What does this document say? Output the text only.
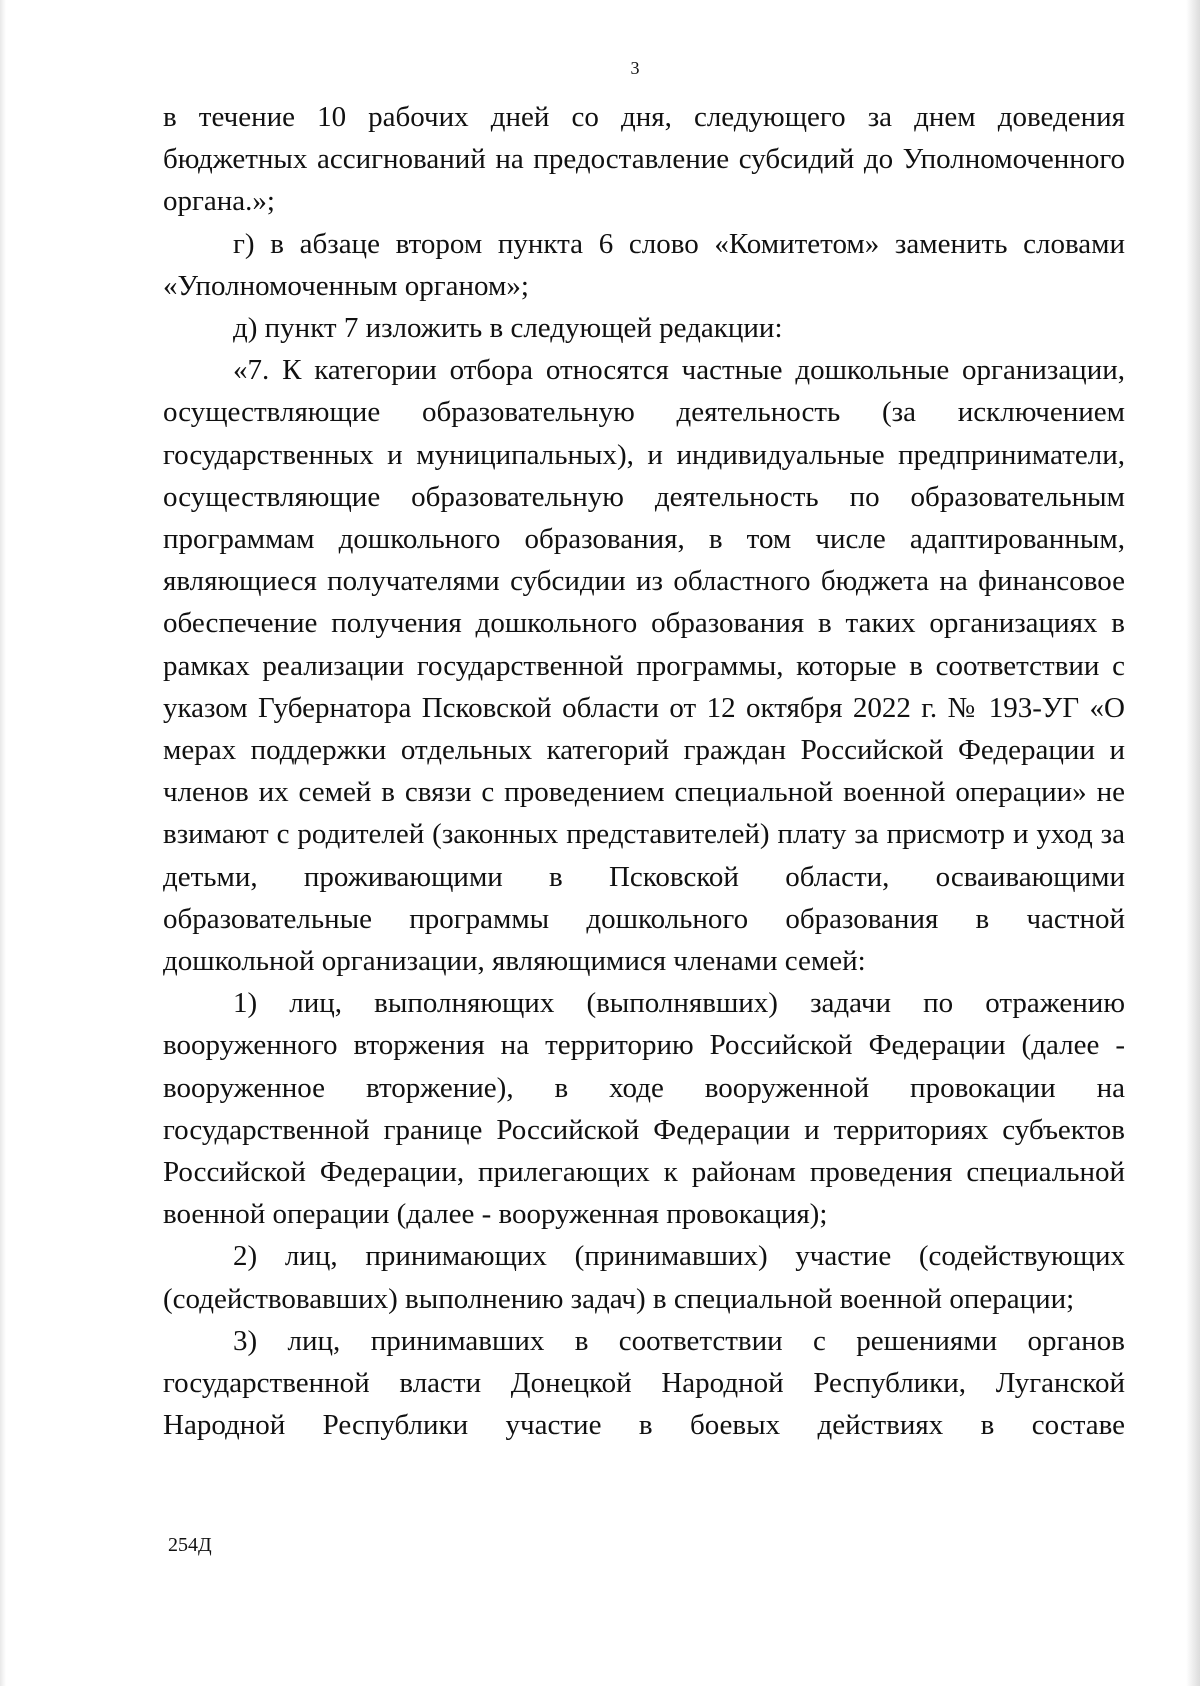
3

в течение 10 рабочих дней со дня, следующего за днем доведения бюджетных ассигнований на предоставление субсидий до Уполномоченного органа.»;

г) в абзаце втором пункта 6 слово «Комитетом» заменить словами «Уполномоченным органом»;

д) пункт 7 изложить в следующей редакции:

«7. К категории отбора относятся частные дошкольные организации, осуществляющие образовательную деятельность (за исключением государственных и муниципальных), и индивидуальные предприниматели, осуществляющие образовательную деятельность по образовательным программам дошкольного образования, в том числе адаптированным, являющиеся получателями субсидии из областного бюджета на финансовое обеспечение получения дошкольного образования в таких организациях в рамках реализации государственной программы, которые в соответствии с указом Губернатора Псковской области от 12 октября 2022 г. № 193-УГ «О мерах поддержки отдельных категорий граждан Российской Федерации и членов их семей в связи с проведением специальной военной операции» не взимают с родителей (законных представителей) плату за присмотр и уход за детьми, проживающими в Псковской области, осваивающими образовательные программы дошкольного образования в частной дошкольной организации, являющимися членами семей:

1) лиц, выполняющих (выполнявших) задачи по отражению вооруженного вторжения на территорию Российской Федерации (далее - вооруженное вторжение), в ходе вооруженной провокации на государственной границе Российской Федерации и территориях субъектов Российской Федерации, прилегающих к районам проведения специальной военной операции (далее - вооруженная провокация);

2) лиц, принимающих (принимавших) участие (содействующих (содействовавших) выполнению задач) в специальной военной операции;

3) лиц, принимавших в соответствии с решениями органов государственной власти Донецкой Народной Республики, Луганской Народной Республики участие в боевых действиях в составе

254Д
